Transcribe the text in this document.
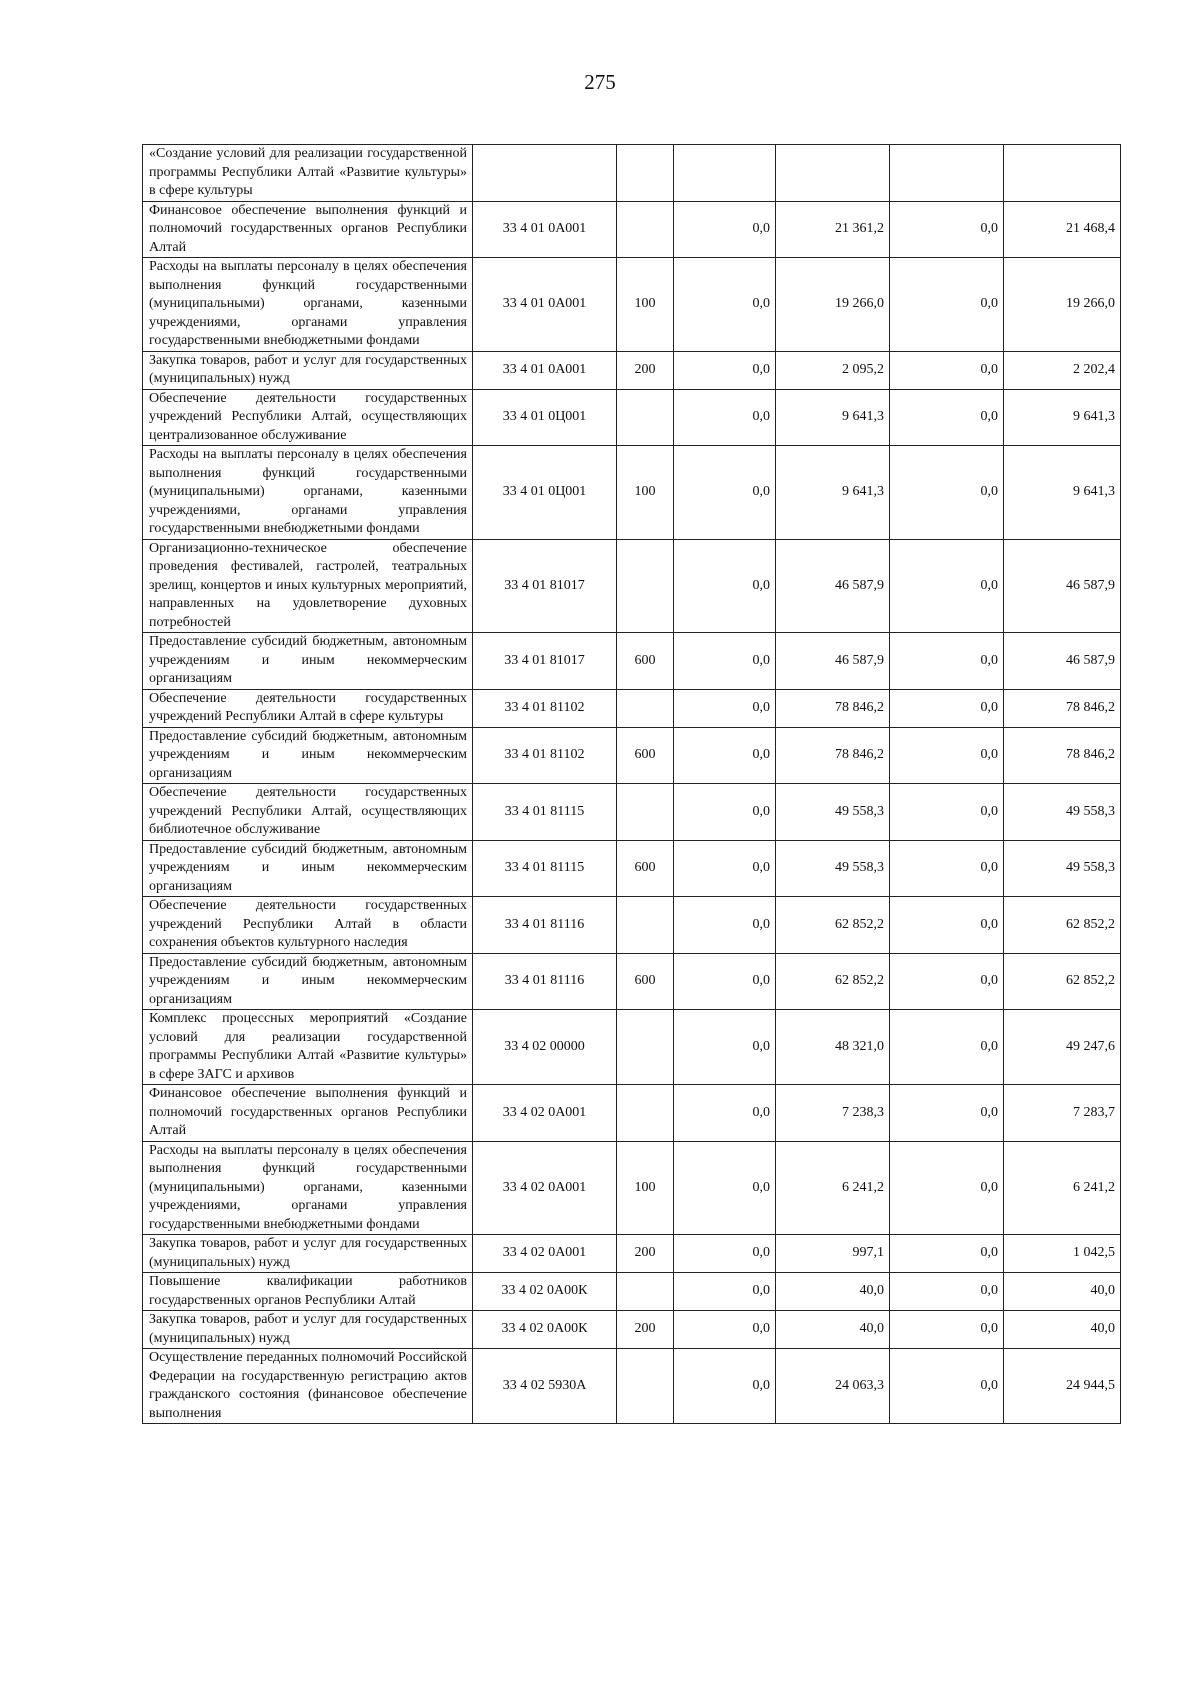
275
«Создание условий для реализации государственной программы Республики Алтай «Развитие культуры» в сфере культуры						
Финансовое обеспечение выполнения функций и полномочий государственных органов Республики Алтай	33 4 01 0А001		0,0	21 361,2	0,0	21 468,4
Расходы на выплаты персоналу в целях обеспечения выполнения функций государственными (муниципальными) органами, казенными учреждениями, органами управления государственными внебюджетными фондами	33 4 01 0А001	100	0,0	19 266,0	0,0	19 266,0
Закупка товаров, работ и услуг для государственных (муниципальных) нужд	33 4 01 0А001	200	0,0	2 095,2	0,0	2 202,4
Обеспечение деятельности государственных учреждений Республики Алтай, осуществляющих централизованное обслуживание	33 4 01 0Ц001		0,0	9 641,3	0,0	9 641,3
Расходы на выплаты персоналу в целях обеспечения выполнения функций государственными (муниципальными) органами, казенными учреждениями, органами управления государственными внебюджетными фондами	33 4 01 0Ц001	100	0,0	9 641,3	0,0	9 641,3
Организационно-техническое обеспечение проведения фестивалей, гастролей, театральных зрелищ, концертов и иных культурных мероприятий, направленных на удовлетворение духовных потребностей	33 4 01 81017		0,0	46 587,9	0,0	46 587,9
Предоставление субсидий бюджетным, автономным учреждениям и иным некоммерческим организациям	33 4 01 81017	600	0,0	46 587,9	0,0	46 587,9
Обеспечение деятельности государственных учреждений Республики Алтай в сфере культуры	33 4 01 81102		0,0	78 846,2	0,0	78 846,2
Предоставление субсидий бюджетным, автономным учреждениям и иным некоммерческим организациям	33 4 01 81102	600	0,0	78 846,2	0,0	78 846,2
Обеспечение деятельности государственных учреждений Республики Алтай, осуществляющих библиотечное обслуживание	33 4 01 81115		0,0	49 558,3	0,0	49 558,3
Предоставление субсидий бюджетным, автономным учреждениям и иным некоммерческим организациям	33 4 01 81115	600	0,0	49 558,3	0,0	49 558,3
Обеспечение деятельности государственных учреждений Республики Алтай в области сохранения объектов культурного наследия	33 4 01 81116		0,0	62 852,2	0,0	62 852,2
Предоставление субсидий бюджетным, автономным учреждениям и иным некоммерческим организациям	33 4 01 81116	600	0,0	62 852,2	0,0	62 852,2
Комплекс процессных мероприятий «Создание условий для реализации государственной программы Республики Алтай «Развитие культуры» в сфере ЗАГС и архивов	33 4 02 00000		0,0	48 321,0	0,0	49 247,6
Финансовое обеспечение выполнения функций и полномочий государственных органов Республики Алтай	33 4 02 0А001		0,0	7 238,3	0,0	7 283,7
Расходы на выплаты персоналу в целях обеспечения выполнения функций государственными (муниципальными) органами, казенными учреждениями, органами управления государственными внебюджетными фондами	33 4 02 0А001	100	0,0	6 241,2	0,0	6 241,2
Закупка товаров, работ и услуг для государственных (муниципальных) нужд	33 4 02 0А001	200	0,0	997,1	0,0	1 042,5
Повышение квалификации работников государственных органов Республики Алтай	33 4 02 0А00К		0,0	40,0	0,0	40,0
Закупка товаров, работ и услуг для государственных (муниципальных) нужд	33 4 02 0А00К	200	0,0	40,0	0,0	40,0
Осуществление переданных полномочий Российской Федерации на государственную регистрацию актов гражданского состояния (финансовое обеспечение выполнения	33 4 02 5930А		0,0	24 063,3	0,0	24 944,5
